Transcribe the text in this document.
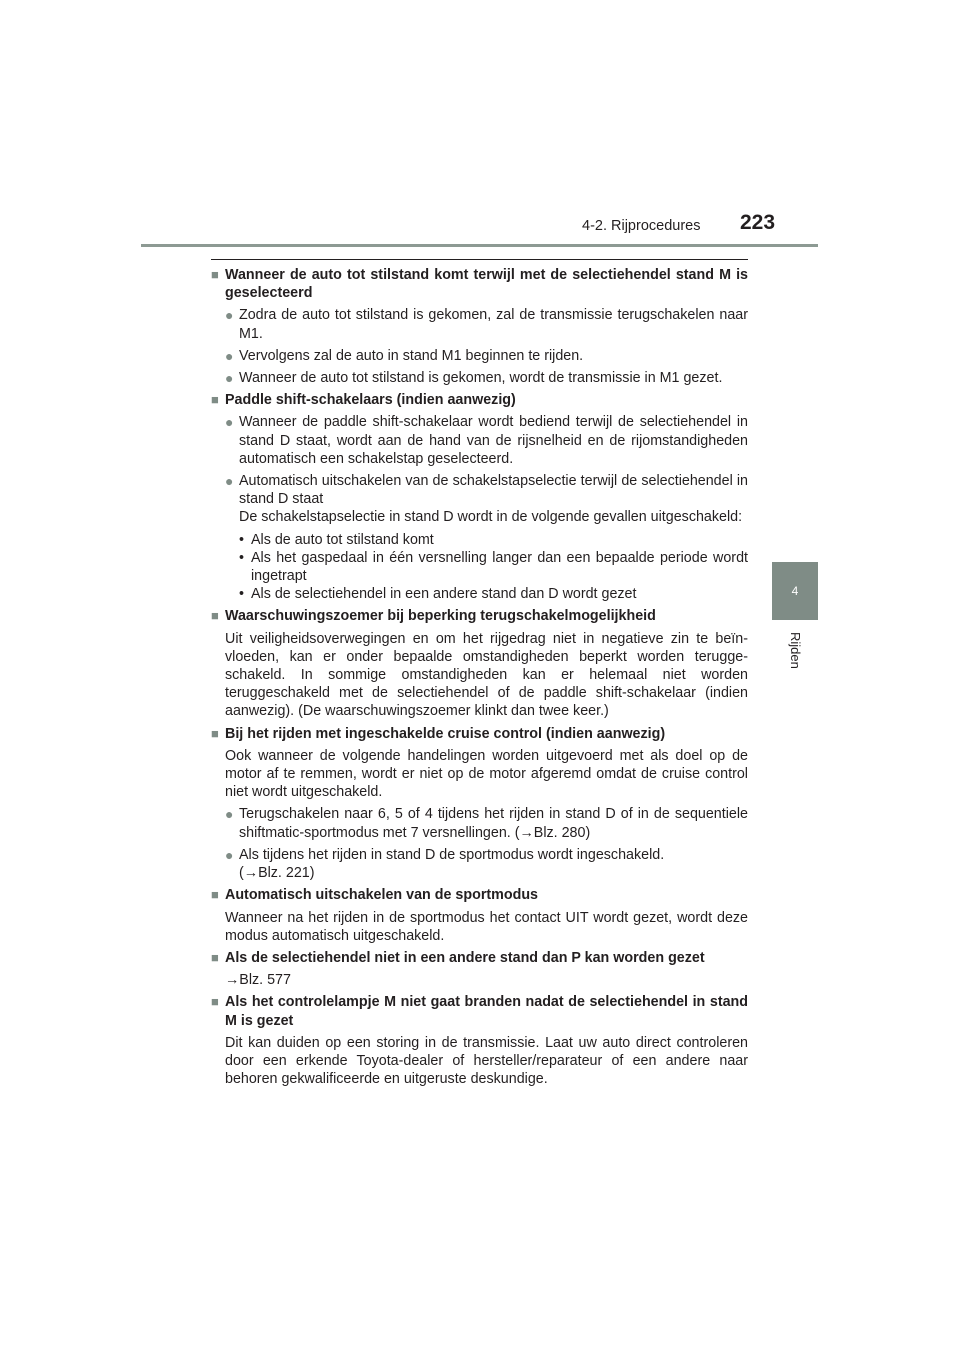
4-2. Rijprocedures 223
4
Rijden
■ Wanneer de auto tot stilstand komt terwijl met de selectiehendel stand M is geselecteerd
● Zodra de auto tot stilstand is gekomen, zal de transmissie terugschakelen naar M1.
● Vervolgens zal de auto in stand M1 beginnen te rijden.
● Wanneer de auto tot stilstand is gekomen, wordt de transmissie in M1 gezet.
■ Paddle shift-schakelaars (indien aanwezig)
● Wanneer de paddle shift-schakelaar wordt bediend terwijl de selectiehendel in stand D staat, wordt aan de hand van de rijsnelheid en de rijomstandigheden automatisch een schakelstap geselecteerd.
● Automatisch uitschakelen van de schakelstapselectie terwijl de selectiehendel in stand D staat
De schakelstapselectie in stand D wordt in de volgende gevallen uitgeschakeld:
• Als de auto tot stilstand komt
• Als het gaspedaal in één versnelling langer dan een bepaalde periode wordt ingetrapt
• Als de selectiehendel in een andere stand dan D wordt gezet
■ Waarschuwingszoemer bij beperking terugschakelmogelijkheid
Uit veiligheidsoverwegingen en om het rijgedrag niet in negatieve zin te beïnvloeden, kan er onder bepaalde omstandigheden beperkt worden teruggeschakeld. In sommige omstandigheden kan er helemaal niet worden teruggeschakeld met de selectiehendel of de paddle shift-schakelaar (indien aanwezig). (De waarschuwingszoemer klinkt dan twee keer.)
■ Bij het rijden met ingeschakelde cruise control (indien aanwezig)
Ook wanneer de volgende handelingen worden uitgevoerd met als doel op de motor af te remmen, wordt er niet op de motor afgeremd omdat de cruise control niet wordt uitgeschakeld.
● Terugschakelen naar 6, 5 of 4 tijdens het rijden in stand D of in de sequentiele shiftmatic-sportmodus met 7 versnellingen. (→Blz. 280)
● Als tijdens het rijden in stand D de sportmodus wordt ingeschakeld.
(→Blz. 221)
■ Automatisch uitschakelen van de sportmodus
Wanneer na het rijden in de sportmodus het contact UIT wordt gezet, wordt deze modus automatisch uitgeschakeld.
■ Als de selectiehendel niet in een andere stand dan P kan worden gezet
→Blz. 577
■ Als het controlelampje M niet gaat branden nadat de selectiehendel in stand M is gezet
Dit kan duiden op een storing in de transmissie. Laat uw auto direct controleren door een erkende Toyota-dealer of hersteller/reparateur of een andere naar behoren gekwalificeerde en uitgeruste deskundige.
